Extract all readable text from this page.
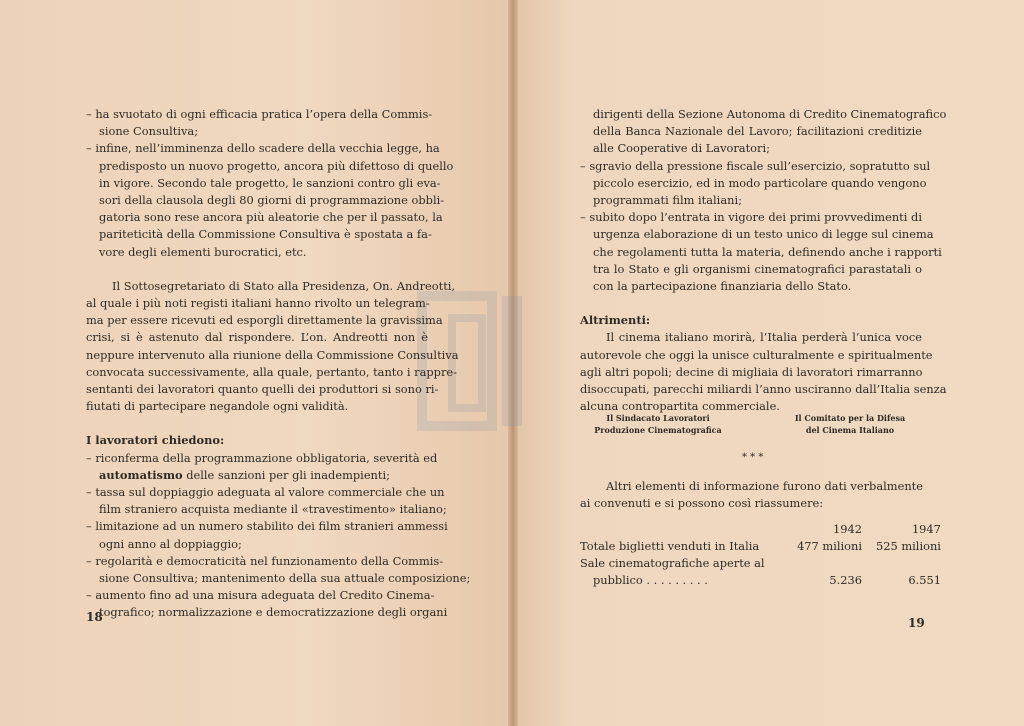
– ha svuotato di ogni efficacia pratica l’opera della Commis-
sione Consultiva;
– infine, nell’imminenza dello scadere della vecchia legge, ha
predisposto un nuovo progetto, ancora più difettoso di quello
in vigore. Secondo tale progetto, le sanzioni contro gli eva-
sori della clausola degli 80 giorni di programmazione obbli-
gatoria sono rese ancora più aleatorie che per il passato, la
pariteticità della Commissione Consultiva è spostata a fa-
vore degli elementi burocratici, etc.
Il Sottosegretariato di Stato alla Presidenza, On. Andreotti,
al quale i più noti registi italiani hanno rivolto un telegram-
ma per essere ricevuti ed esporgli direttamente la gravissima
crisi, si è astenuto dal rispondere. L’on. Andreotti non è
neppure intervenuto alla riunione della Commissione Consultiva
convocata successivamente, alla quale, pertanto, tanto i rappre-
sentanti dei lavoratori quanto quelli dei produttori si sono ri-
fiutati di partecipare negandole ogni validità.
I lavoratori chiedono:
– riconferma della programmazione obbligatoria, severità ed
automatismo delle sanzioni per gli inadempienti;
– tassa sul doppiaggio adeguata al valore commerciale che un
film straniero acquista mediante il «travestimento» italiano;
– limitazione ad un numero stabilito dei film stranieri ammessi
ogni anno al doppiaggio;
– regolarità e democraticità nel funzionamento della Commis-
sione Consultiva; mantenimento della sua attuale composizione;
– aumento fino ad una misura adeguata del Credito Cinema-
tografico; normalizzazione e democratizzazione degli organi
18
dirigenti della Sezione Autonoma di Credito Cinematografico
della Banca Nazionale del Lavoro; facilitazioni creditizie
alle Cooperative di Lavoratori;
– sgravio della pressione fiscale sull’esercizio, sopratutto sul
piccolo esercizio, ed in modo particolare quando vengono
programmati film italiani;
– subito dopo l’entrata in vigore dei primi provvedimenti di
urgenza elaborazione di un testo unico di legge sul cinema
che regolamenti tutta la materia, definendo anche i rapporti
tra lo Stato e gli organismi cinematografici parastatali o
con la partecipazione finanziaria dello Stato.
Altrimenti:
Il cinema italiano morirà, l’Italia perderà l’unica voce
autorevole che oggi la unisce culturalmente e spiritualmente
agli altri popoli; decine di migliaia di lavoratori rimarranno
disoccupati, parecchi miliardi l’anno usciranno dall’Italia senza
alcuna contropartita commerciale.
Il Sindacato Lavoratori
Produzione Cinematografica
Il Comitato per la Difesa
del Cinema Italiano
* * *
Altri elementi di informazione furono dati verbalmente
ai convenuti e si possono così riassumere:
	1942	1947
Totale biglietti venduti in Italia	477 milioni	525 milioni
Sale cinematografiche aperte al		
pubblico . . . . . . . . .	5.236	6.551
19
